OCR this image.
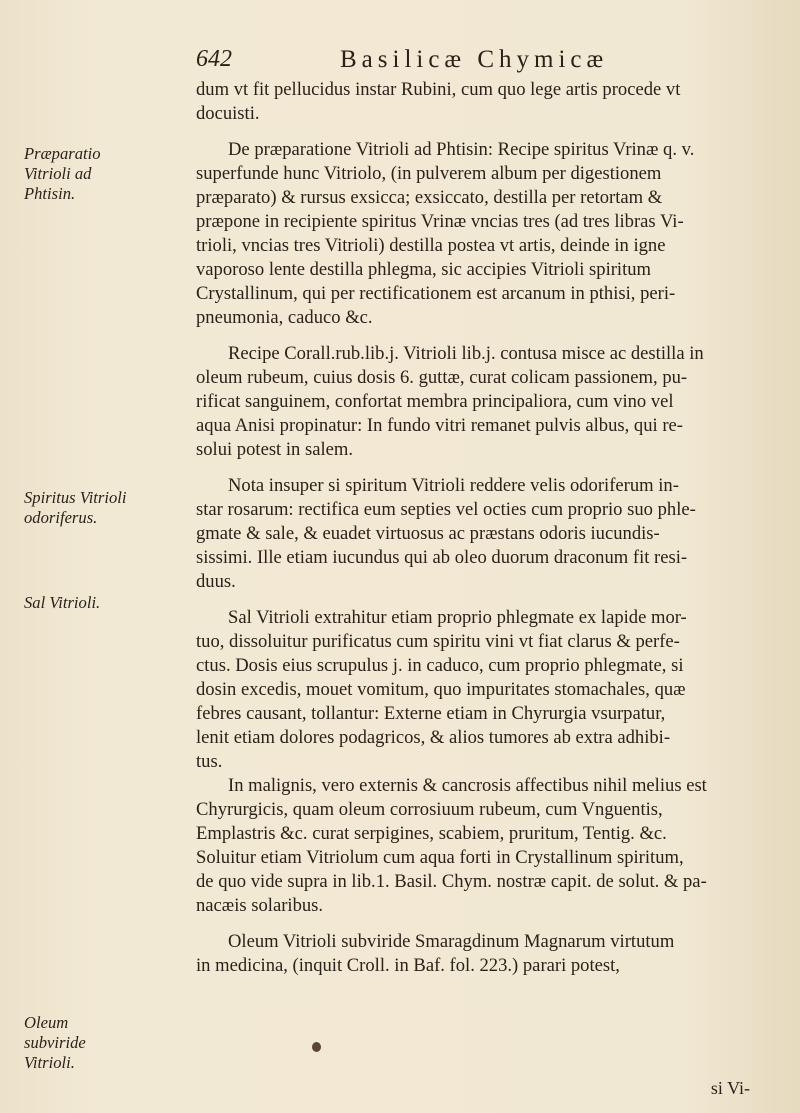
642	Basilicæ Chymicæ
Præparatio Vitrioli ad Phtisin.
Spiritus Vitrioli odoriferus.
Sal Vitrioli.
Oleum subviride Vitrioli.

dum vt fit pellucidus instar Rubini, cum quo lege artis procede vt
docuisti.

De præparatione Vitrioli ad Phtisin: Recipe spiritus Vrinæ q. v.
superfunde hunc Vitriolo, (in pulverem album per digestionem
præparato) & rursus exsicca; exsiccato, destilla per retortam &
præpone in recipiente spiritus Vrinæ vncias tres (ad tres libras Vi-
trioli, vncias tres Vitrioli) destilla postea vt artis, deinde in igne
vaporoso lente destilla phlegma, sic accipies Vitrioli spiritum
Crystallinum, qui per rectificationem est arcanum in pthisi, peri-
pneumonia, caduco &c.

Recipe Corall.rub.lib.j. Vitrioli lib.j. contusa misce ac destilla in
oleum rubeum, cuius dosis 6. guttæ, curat colicam passionem, pu-
rificat sanguinem, confortat membra principaliora, cum vino vel
aqua Anisi propinatur: In fundo vitri remanet pulvis albus, qui re-
solui potest in salem.

Nota insuper si spiritum Vitrioli reddere velis odoriferum in-
star rosarum: rectifica eum septies vel octies cum proprio suo phle-
gmate & sale, & euadet virtuosus ac præstans odoris iucundis-
sissimi. Ille etiam iucundus qui ab oleo duorum draconum fit resi-
duus.

Sal Vitrioli extrahitur etiam proprio phlegmate ex lapide mor-
tuo, dissoluitur purificatus cum spiritu vini vt fiat clarus & perfe-
ctus. Dosis eius scrupulus j. in caduco, cum proprio phlegmate, si
dosin excedis, mouet vomitum, quo impuritates stomachales, quæ
febres causant, tollantur: Externe etiam in Chyrurgia vsurpatur,
lenit etiam dolores podagricos, & alios tumores ab extra adhibi-
tus.

In malignis, vero externis & cancrosis affectibus nihil melius est
Chyrurgicis, quam oleum corrosiuum rubeum, cum Vnguentis,
Emplastris &c. curat serpigines, scabiem, pruritum, Tentig. &c.
Soluitur etiam Vitriolum cum aqua forti in Crystallinum spiritum,
de quo vide supra in lib.1. Basil. Chym. nostræ capit. de solut. & pa-
nacæis solaribus.

Oleum Vitrioli subviride Smaragdinum Magnarum virtutum
in medicina, (inquit Croll. in Baf. fol. 223.) parari potest,

si Vi-
